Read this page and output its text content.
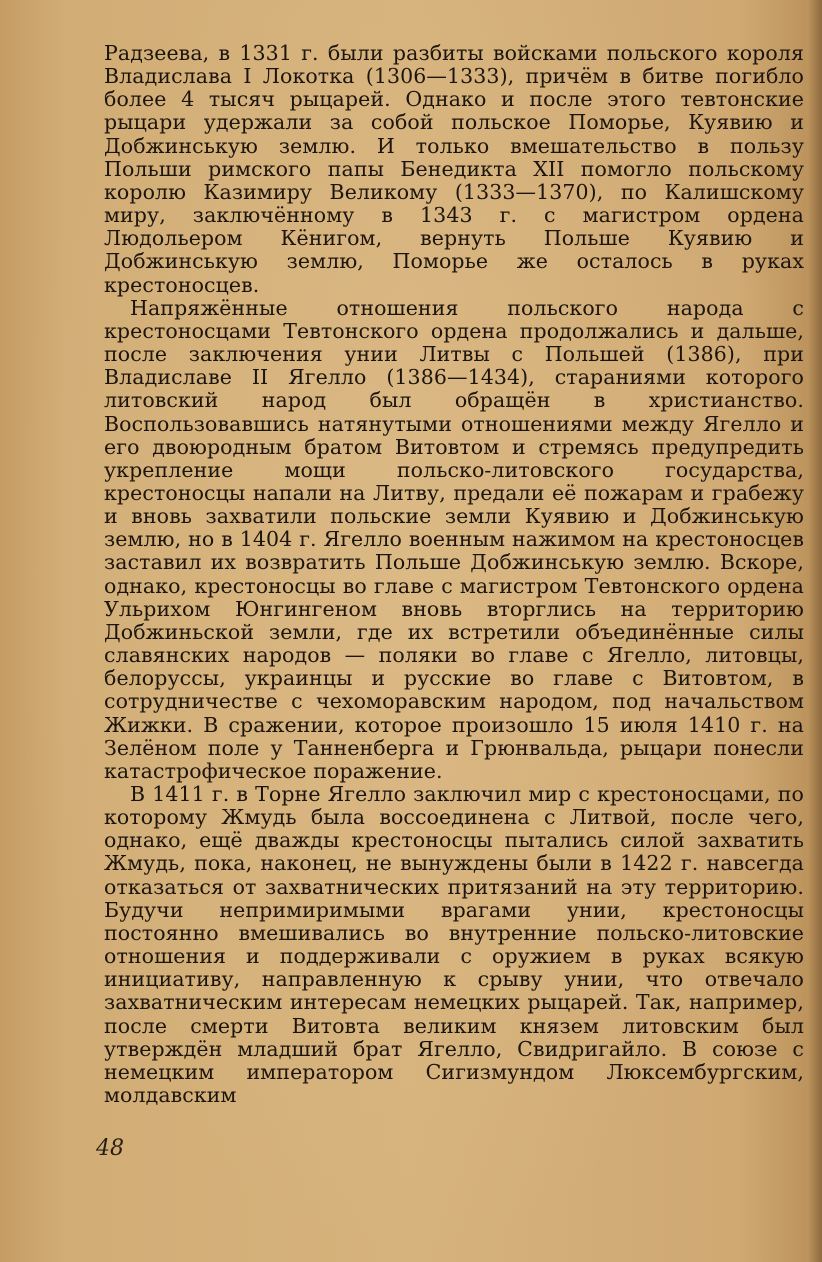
Радзеева, в 1331 г. были разбиты войсками польского короля Владислава I Локотка (1306—1333), причём в битве погибло более 4 тысяч рыцарей. Однако и после этого тевтонские рыцари удержали за собой польское Поморье, Куявию и Добжинськую землю. И только вмешательство в пользу Польши римского папы Бенедикта XII помогло польскому королю Казимиру Великому (1333—1370), по Калишскому миру, заключённому в 1343 г. с магистром ордена Людольером Кёнигом, вернуть Польше Куявию и Добжинськую землю, Поморье же осталось в руках крестоносцев.

Напряжённые отношения польского народа с крестоносцами Тевтонского ордена продолжались и дальше, после заключения унии Литвы с Польшей (1386), при Владиславе II Ягелло (1386—1434), стараниями которого литовский народ был обращён в христианство. Воспользовавшись натянутыми отношениями между Ягелло и его двоюродным братом Витовтом и стремясь предупредить укрепление мощи польско-литовского государства, крестоносцы напали на Литву, предали её пожарам и грабежу и вновь захватили польские земли Куявию и Добжинськую землю, но в 1404 г. Ягелло военным нажимом на крестоносцев заставил их возвратить Польше Добжинськую землю. Вскоре, однако, крестоносцы во главе с магистром Тевтонского ордена Ульрихом Юнгингеном вновь вторглись на территорию Добжиньской земли, где их встретили объединённые силы славянских народов — поляки во главе с Ягелло, литовцы, белоруссы, украинцы и русские во главе с Витовтом, в сотрудничестве с чехоморавским народом, под начальством Жижки. В сражении, которое произошло 15 июля 1410 г. на Зелёном поле у Танненберга и Грюнвальда, рыцари понесли катастрофическое поражение.

В 1411 г. в Торне Ягелло заключил мир с крестоносцами, по которому Жмудь была воссоединена с Литвой, после чего, однако, ещё дважды крестоносцы пытались силой захватить Жмудь, пока, наконец, не вынуждены были в 1422 г. навсегда отказаться от захватнических притязаний на эту территорию. Будучи непримиримыми врагами унии, крестоносцы постоянно вмешивались во внутренние польско-литовские отношения и поддерживали с оружием в руках всякую инициативу, направленную к срыву унии, что отвечало захватническим интересам немецких рыцарей. Так, например, после смерти Витовта великим князем литовским был утверждён младший брат Ягелло, Свидригайло. В союзе с немецким императором Сигизмундом Люксембургским, молдавским

48
